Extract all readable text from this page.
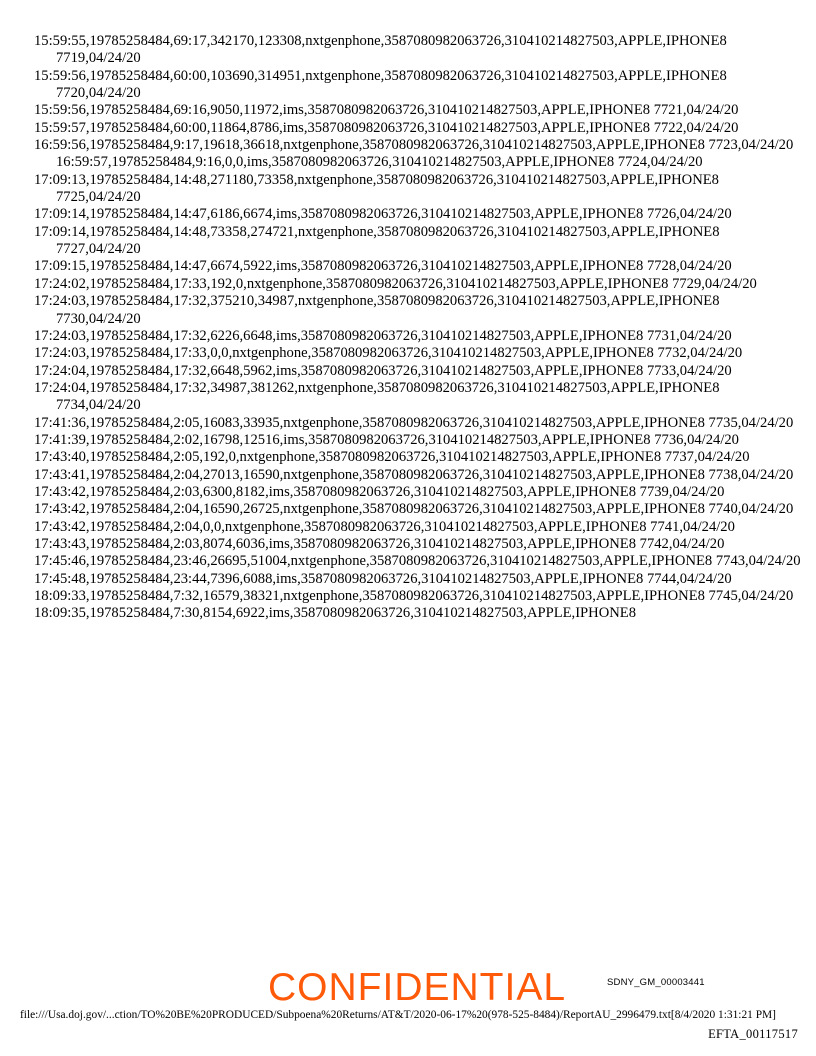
15:59:55,19785258484,69:17,342170,123308,nxtgenphone,3587080982063726,310410214827503,APPLE,IPHONE8 7719,04/24/20
15:59:56,19785258484,60:00,103690,314951,nxtgenphone,3587080982063726,310410214827503,APPLE,IPHONE8 7720,04/24/20
15:59:56,19785258484,69:16,9050,11972,ims,3587080982063726,310410214827503,APPLE,IPHONE8 7721,04/24/20
15:59:57,19785258484,60:00,11864,8786,ims,3587080982063726,310410214827503,APPLE,IPHONE8 7722,04/24/20
16:59:56,19785258484,9:17,19618,36618,nxtgenphone,3587080982063726,310410214827503,APPLE,IPHONE8 7723,04/24/20 16:59:57,19785258484,9:16,0,0,ims,3587080982063726,310410214827503,APPLE,IPHONE8 7724,04/24/20
17:09:13,19785258484,14:48,271180,73358,nxtgenphone,3587080982063726,310410214827503,APPLE,IPHONE8 7725,04/24/20
17:09:14,19785258484,14:47,6186,6674,ims,3587080982063726,310410214827503,APPLE,IPHONE8 7726,04/24/20
17:09:14,19785258484,14:48,73358,274721,nxtgenphone,3587080982063726,310410214827503,APPLE,IPHONE8 7727,04/24/20
17:09:15,19785258484,14:47,6674,5922,ims,3587080982063726,310410214827503,APPLE,IPHONE8 7728,04/24/20
17:24:02,19785258484,17:33,192,0,nxtgenphone,3587080982063726,310410214827503,APPLE,IPHONE8 7729,04/24/20
17:24:03,19785258484,17:32,375210,34987,nxtgenphone,3587080982063726,310410214827503,APPLE,IPHONE8 7730,04/24/20
17:24:03,19785258484,17:32,6226,6648,ims,3587080982063726,310410214827503,APPLE,IPHONE8 7731,04/24/20
17:24:03,19785258484,17:33,0,0,nxtgenphone,3587080982063726,310410214827503,APPLE,IPHONE8 7732,04/24/20
17:24:04,19785258484,17:32,6648,5962,ims,3587080982063726,310410214827503,APPLE,IPHONE8 7733,04/24/20
17:24:04,19785258484,17:32,34987,381262,nxtgenphone,3587080982063726,310410214827503,APPLE,IPHONE8 7734,04/24/20
17:41:36,19785258484,2:05,16083,33935,nxtgenphone,3587080982063726,310410214827503,APPLE,IPHONE8 7735,04/24/20
17:41:39,19785258484,2:02,16798,12516,ims,3587080982063726,310410214827503,APPLE,IPHONE8 7736,04/24/20
17:43:40,19785258484,2:05,192,0,nxtgenphone,3587080982063726,310410214827503,APPLE,IPHONE8 7737,04/24/20
17:43:41,19785258484,2:04,27013,16590,nxtgenphone,3587080982063726,310410214827503,APPLE,IPHONE8 7738,04/24/20
17:43:42,19785258484,2:03,6300,8182,ims,3587080982063726,310410214827503,APPLE,IPHONE8 7739,04/24/20
17:43:42,19785258484,2:04,16590,26725,nxtgenphone,3587080982063726,310410214827503,APPLE,IPHONE8 7740,04/24/20
17:43:42,19785258484,2:04,0,0,nxtgenphone,3587080982063726,310410214827503,APPLE,IPHONE8 7741,04/24/20
17:43:43,19785258484,2:03,8074,6036,ims,3587080982063726,310410214827503,APPLE,IPHONE8 7742,04/24/20
17:45:46,19785258484,23:46,26695,51004,nxtgenphone,3587080982063726,310410214827503,APPLE,IPHONE8 7743,04/24/20
17:45:48,19785258484,23:44,7396,6088,ims,3587080982063726,310410214827503,APPLE,IPHONE8 7744,04/24/20
18:09:33,19785258484,7:32,16579,38321,nxtgenphone,3587080982063726,310410214827503,APPLE,IPHONE8 7745,04/24/20
18:09:35,19785258484,7:30,8154,6922,ims,3587080982063726,310410214827503,APPLE,IPHONE8
SDNY_GM_00003441
CONFIDENTIAL
file:///Usa.doj.gov/...ction/TO%20BE%20PRODUCED/Subpoena%20Returns/AT&T/2020-06-17%20(978-525-8484)/ReportAU_2996479.txt[8/4/2020 1:31:21 PM]
EFTA_00117517
